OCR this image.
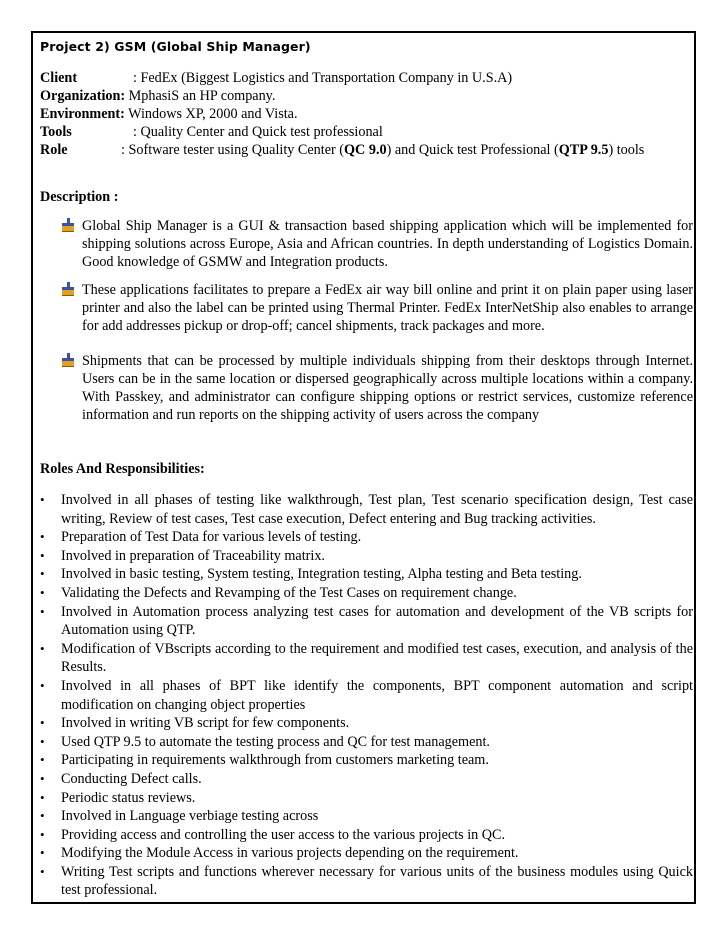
Project 2) GSM (Global Ship Manager)
Client	: FedEx (Biggest Logistics and Transportation Company in U.S.A)
Organization: MphasiS an HP company.
Environment: Windows XP, 2000 and Vista.
Tools	: Quality Center and Quick test professional
Role	: Software tester using Quality Center (QC 9.0) and Quick test Professional (QTP 9.5) tools
Description :
Global Ship Manager is a GUI & transaction based shipping application which will be implemented for shipping solutions across Europe, Asia and African countries. In depth understanding of Logistics Domain. Good knowledge of GSMW and Integration products.
These applications facilitates to prepare a FedEx air way bill online and print it on plain paper using laser printer and also the label can be printed using Thermal Printer. FedEx InterNetShip also enables to arrange for add addresses pickup or drop-off; cancel shipments, track packages and more.
Shipments that can be processed by multiple individuals shipping from their desktops through Internet. Users can be in the same location or dispersed geographically across multiple locations within a company. With Passkey, and administrator can configure shipping options or restrict services, customize reference information and run reports on the shipping activity of users across the company
Roles And Responsibilities:
• Involved in all phases of testing like walkthrough, Test plan, Test scenario specification design, Test case writing, Review of test cases, Test case execution, Defect entering and Bug tracking activities.
• Preparation of Test Data for various levels of testing.
• Involved in preparation of Traceability matrix.
• Involved in basic testing, System testing, Integration testing, Alpha testing and Beta testing.
• Validating the Defects and Revamping of the Test Cases on requirement change.
• Involved in Automation process analyzing test cases for automation and development of the VB scripts for Automation using QTP.
• Modification of VBscripts according to the requirement and modified test cases, execution, and analysis of the Results.
• Involved in all phases of BPT like identify the components, BPT component automation and script modification on changing object properties
• Involved in writing VB script for few components.
• Used QTP 9.5 to automate the testing process and QC for test management.
• Participating in requirements walkthrough from customers marketing team.
• Conducting Defect calls.
• Periodic status reviews.
• Involved in Language verbiage testing across
• Providing access and controlling the user access to the various projects in QC.
• Modifying the Module Access in various projects depending on the requirement.
• Writing Test scripts and functions wherever necessary for various units of the business modules using Quick test professional.
